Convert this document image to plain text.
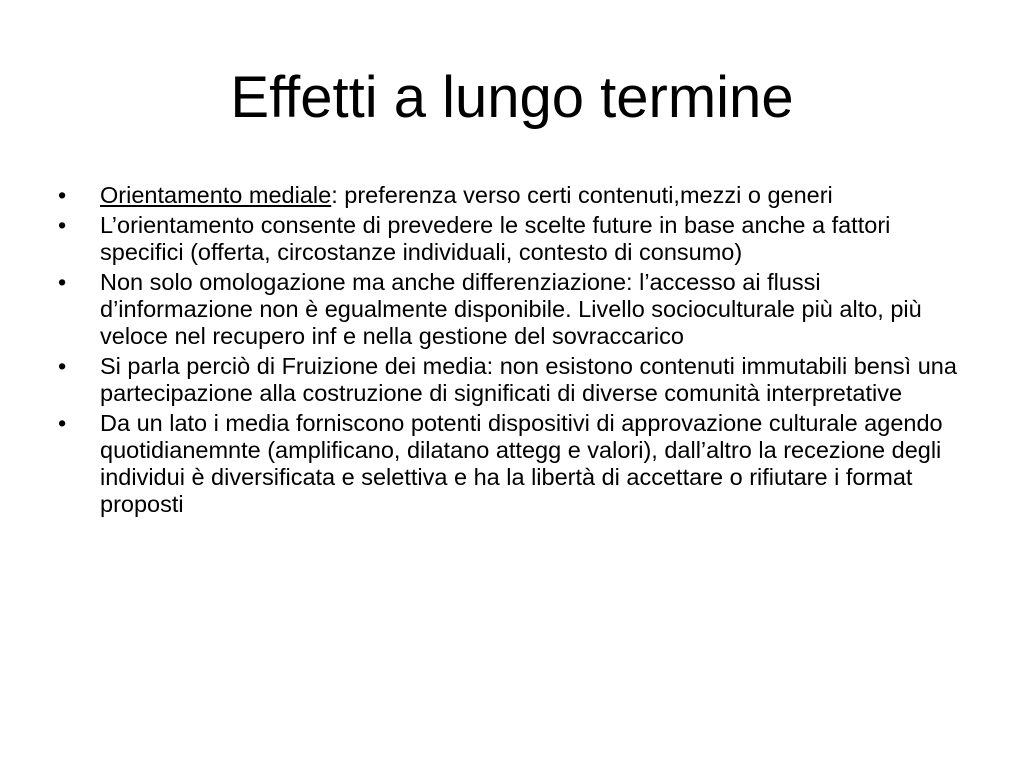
Effetti a lungo termine
•	Orientamento mediale: preferenza verso certi contenuti,mezzi o generi
•	L’orientamento consente di prevedere le scelte future in base anche a fattori specifici (offerta, circostanze individuali, contesto di consumo)
•	Non solo omologazione ma anche differenziazione: l’accesso ai flussi d’informazione non è egualmente disponibile. Livello socioculturale più alto, più veloce nel recupero inf e nella gestione del sovraccarico
•	Si parla perciò di Fruizione dei media: non esistono contenuti immutabili bensì una partecipazione alla costruzione di significati di diverse comunità interpretative
•	Da un lato i media forniscono potenti dispositivi di approvazione culturale agendo quotidianemnte (amplificano, dilatano attegg e valori), dall’altro la recezione degli individui è diversificata e selettiva e ha la libertà di accettare o rifiutare i format proposti
